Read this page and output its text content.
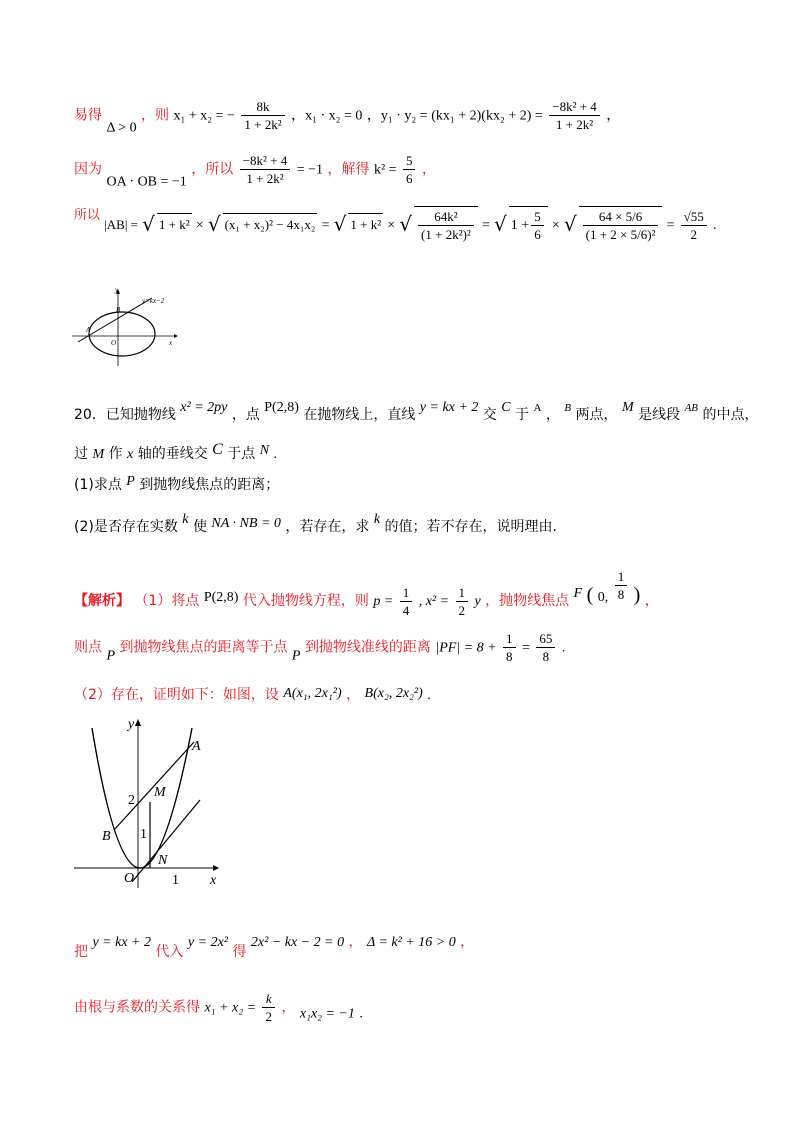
易得 Δ > 0 ，则 x₁ + x₂ = − $\frac{8k}{\text{1 + 2k²}}$ ，x₁ · x₂ = 0 ，$y_1 \cdot y_2 = (kx_1 + 2)(kx_2 + 2) = \frac{\text{−8k² + 4}}{\text{1 + 2k²}}$ ，
因为 OA · OB = −1 ，所以 $\frac{\text{−8k² + 4}}{\text{1 + 2k²}} = -1$ ，解得 $k^2 = \frac{5}{6}$ ，
所以 |AB| = √ 1 + k² × √ (x₁ + x₂)² − 4x₁x₂ = √ 1 + k² × √ $\frac{\text{64k²}}{\text{(1 + 2k²)²}}$ = √ $1 + \frac{5}{6}$ × √ $\frac{64 \times 5/6}{\text{(1 + 2 × 5/6)²}} = \frac{√55}{2}$ .
y
x
O
A
B
y=kx−2
20．已知抛物线 x² = 2py ，点 P(2,8) 在抛物线上，直线 y = kx + 2 交 C 于 $^A$ ， $^B$ 两点， M 是线段 $^{AB}$ 的中点，
过 M 作 x 轴的垂线交 C 于点 N .
(1)求点 P 到抛物线焦点的距离；
(2)是否存在实数 k 使 NA · NB = 0 ，若存在，求 k 的值；若不存在，说明理由.
【解析】 （1）将点 P(2,8) 代入抛物线方程，则 $p = \frac{1}{4}$ , $x^2 = \frac{1}{2}$ y ，抛物线焦点 F ( 0, $\frac{1}{8}$ ) ，
则点 P 到抛物线焦点的距离等于点 P 到抛物线准线的距离 $|PF| = 8 + \frac{1}{8} = \frac{65}{8}$ .
（2）存在，证明如下：如图，设 A(x₁, 2x₁²) ， B(x₂, 2x₂²) .
y
x
O
A
B
M
N
2
1
1
把 y = kx + 2 代入 y = 2x² 得 2x² − kx − 2 = 0 ， Δ = k² + 16 > 0 ，
由根与系数的关系得 $x_1 + x_2 = \frac{k}{2}$ ， x₁x₂ = −1 .
